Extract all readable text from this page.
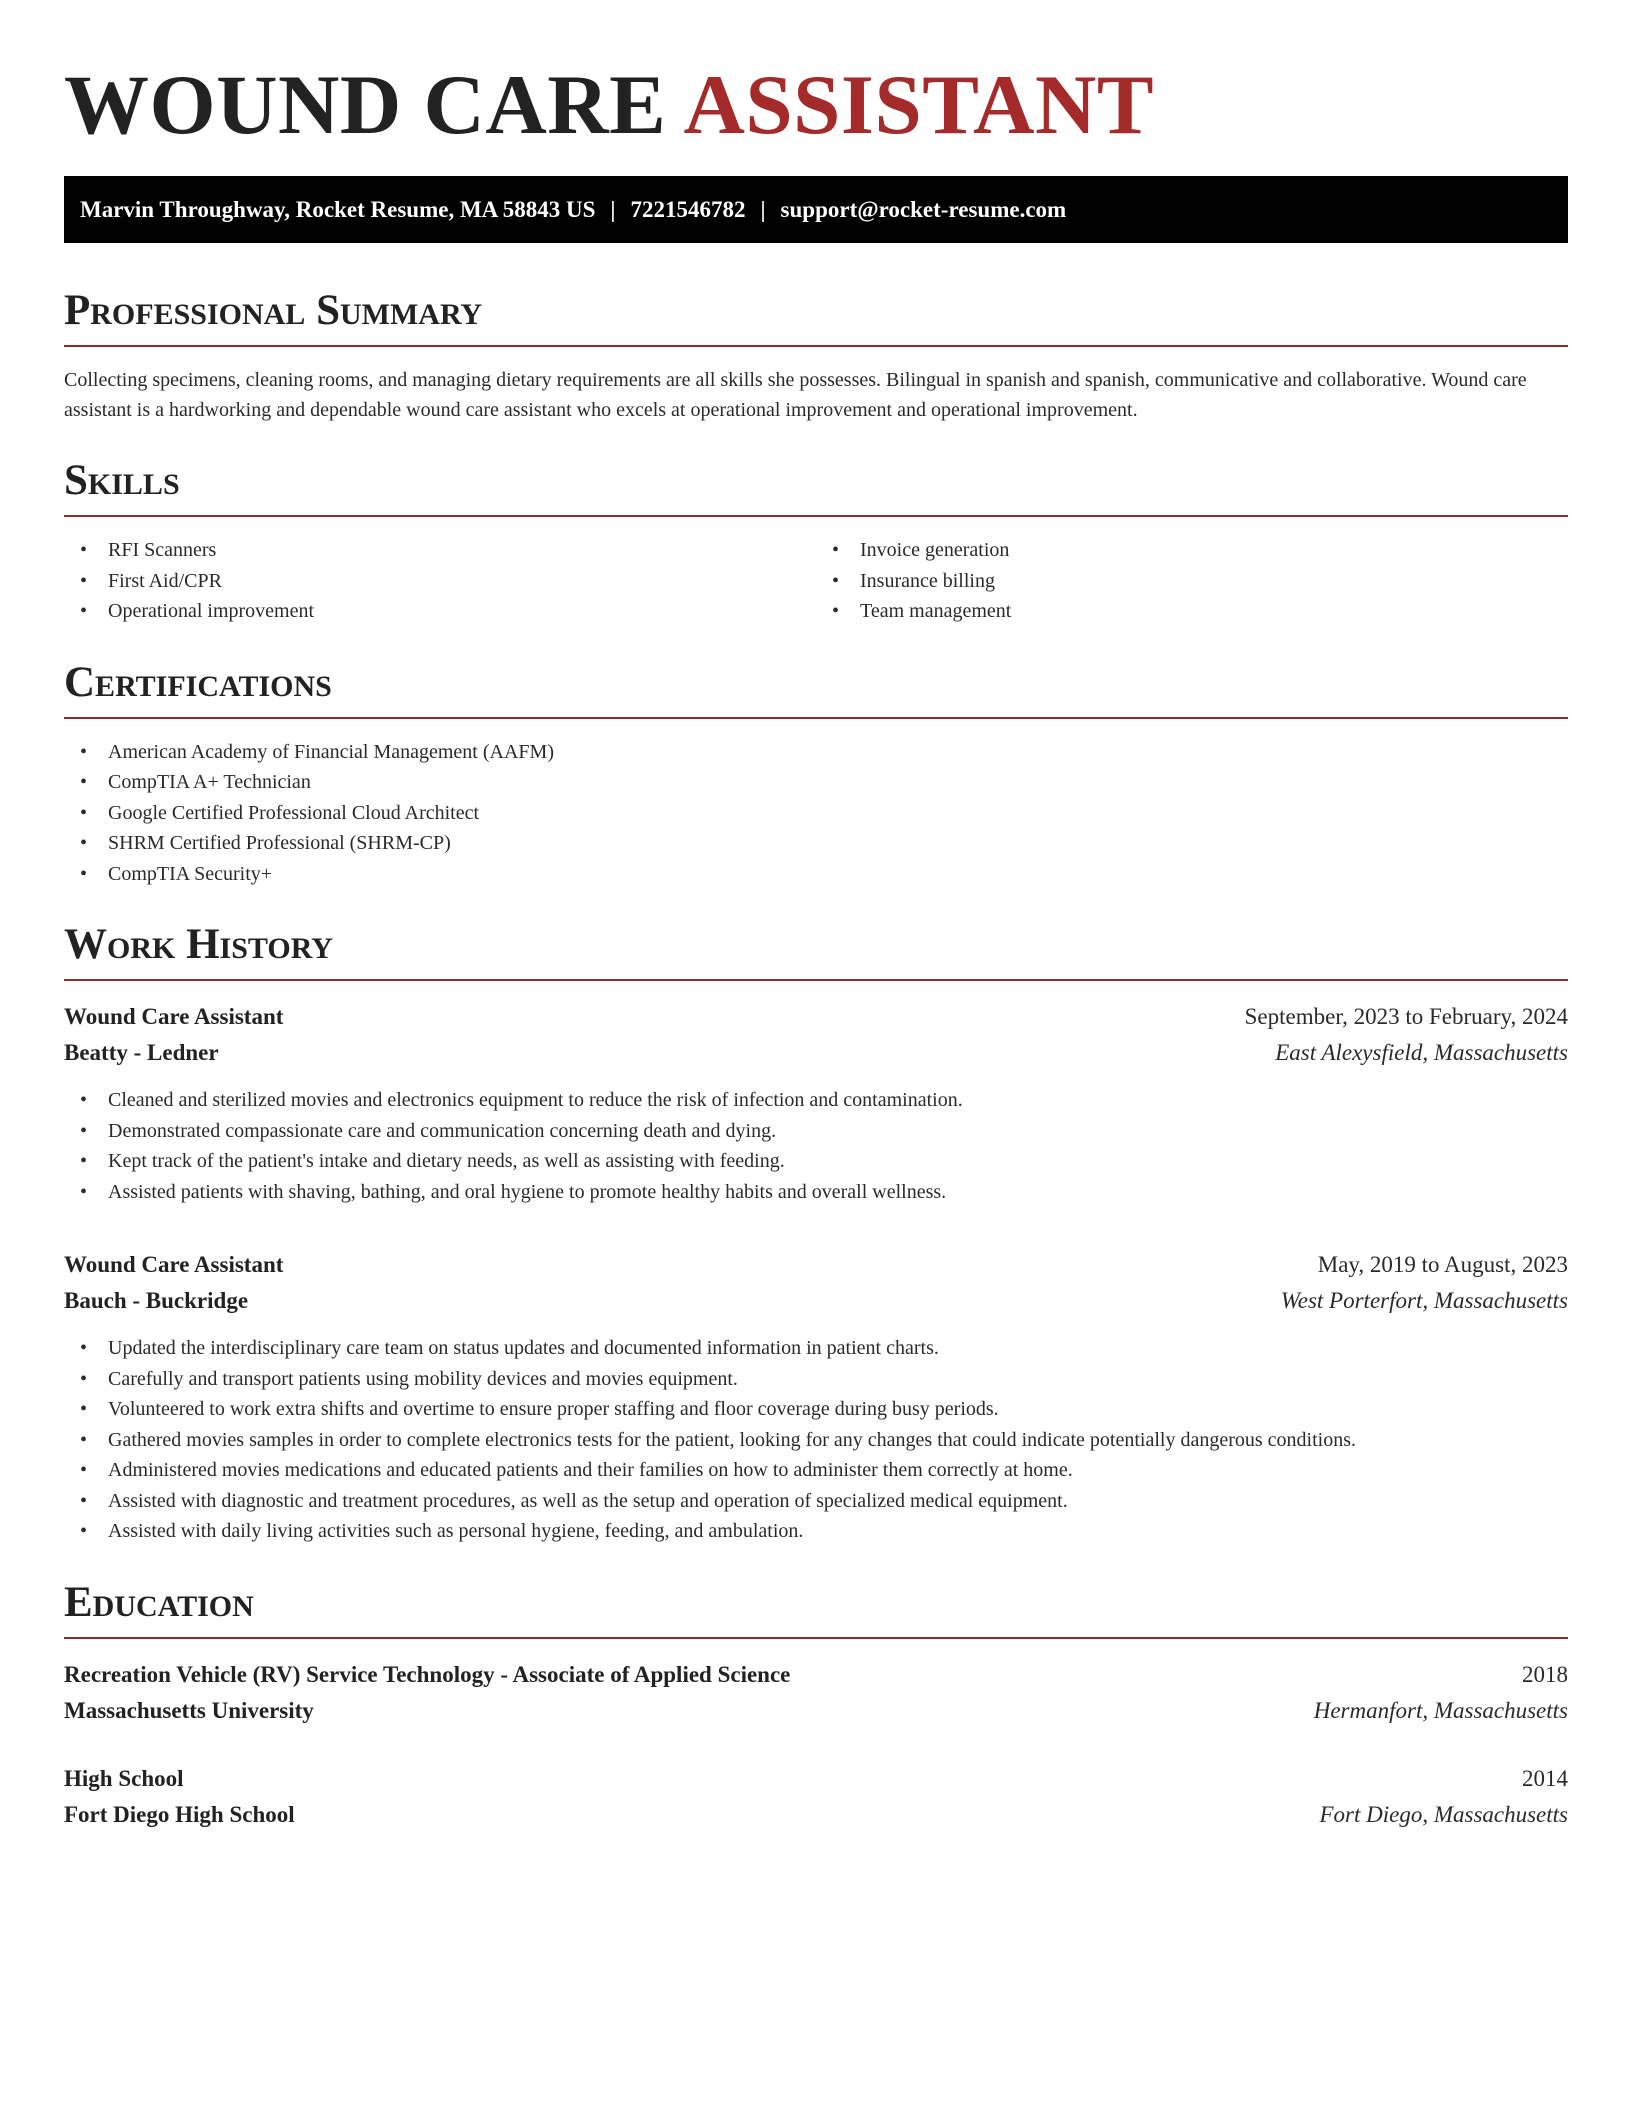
WOUND CARE ASSISTANT
Marvin Throughway, Rocket Resume, MA 58843 US | 7221546782 | support@rocket-resume.com
Professional Summary

Collecting specimens, cleaning rooms, and managing dietary requirements are all skills she possesses. Bilingual in spanish and spanish, communicative and collaborative. Wound care assistant is a hardworking and dependable wound care assistant who excels at operational improvement and operational improvement.

Skills
• RFI Scanners
• First Aid/CPR
• Operational improvement
• Invoice generation
• Insurance billing
• Team management
Certifications
• American Academy of Financial Management (AAFM)
• CompTIA A+ Technician
• Google Certified Professional Cloud Architect
• SHRM Certified Professional (SHRM-CP)
• CompTIA Security+
Work History
Wound Care Assistant	September, 2023 to February, 2024
Beatty - Ledner	East Alexysfield, Massachusetts
• Cleaned and sterilized movies and electronics equipment to reduce the risk of infection and contamination.
• Demonstrated compassionate care and communication concerning death and dying.
• Kept track of the patient's intake and dietary needs, as well as assisting with feeding.
• Assisted patients with shaving, bathing, and oral hygiene to promote healthy habits and overall wellness.
Wound Care Assistant	May, 2019 to August, 2023
Bauch - Buckridge	West Porterfort, Massachusetts
• Updated the interdisciplinary care team on status updates and documented information in patient charts.
• Carefully and transport patients using mobility devices and movies equipment.
• Volunteered to work extra shifts and overtime to ensure proper staffing and floor coverage during busy periods.
• Gathered movies samples in order to complete electronics tests for the patient, looking for any changes that could indicate potentially dangerous conditions.
• Administered movies medications and educated patients and their families on how to administer them correctly at home.
• Assisted with diagnostic and treatment procedures, as well as the setup and operation of specialized medical equipment.
• Assisted with daily living activities such as personal hygiene, feeding, and ambulation.
Education
Recreation Vehicle (RV) Service Technology - Associate of Applied Science	2018
Massachusetts University	Hermanfort, Massachusetts
High School	2014
Fort Diego High School	Fort Diego, Massachusetts
